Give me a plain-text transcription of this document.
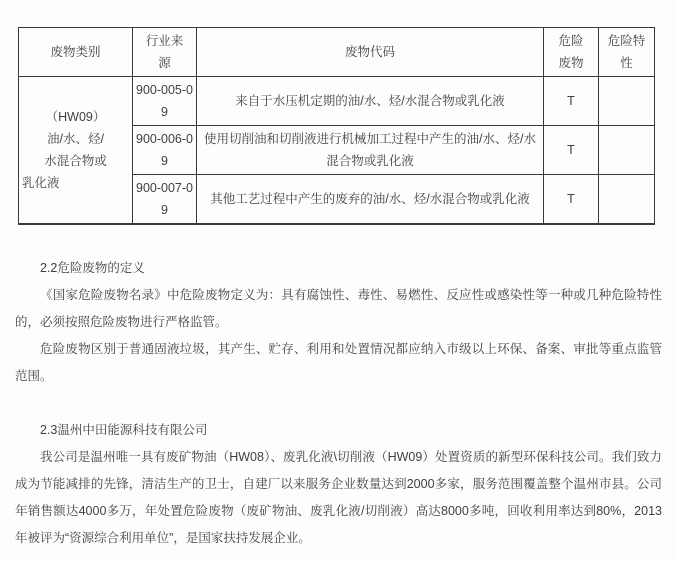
废物类别	行业来源	废物代码	危险废物	危险特性

（HW09）
油/水、烃/
水混合物或
乳化液	900-005-09	来自于水压机定期的油/水、烃/水混合物或乳化液	T	
	900-006-09	使用切削油和切削液进行机械加工过程中产生的油/水、烃/水混合物或乳化液	T	
	900-007-09	其他工艺过程中产生的废弃的油/水、烃/水混合物或乳化液	T	
2.2危险废物的定义
《国家危险废物名录》中危险废物定义为：具有腐蚀性、毒性、易燃性、反应性或感染性等一种或几种危险特性的，必须按照危险废物进行严格监管。
危险废物区别于普通固液垃圾，其产生、贮存、利用和处置情况都应纳入市级以上环保、备案、审批等重点监管范围。
2.3温州中田能源科技有限公司
我公司是温州唯一具有废矿物油（HW08）、废乳化液\切削液（HW09）处置资质的新型环保科技公司。我们致力成为节能减排的先锋，清洁生产的卫士，自建厂以来服务企业数量达到2000多家，服务范围覆盖整个温州市县。公司年销售额达4000多万，年处置危险废物（废矿物油、废乳化液/切削液）高达8000多吨，回收利用率达到80%，2013年被评为“资源综合利用单位”，是国家扶持发展企业。
